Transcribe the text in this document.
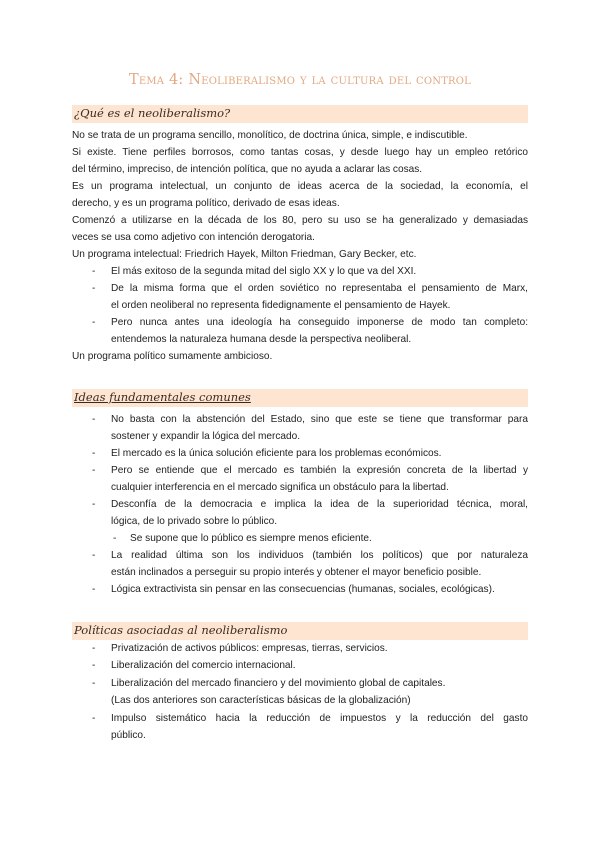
Tema 4: Neoliberalismo y la cultura del control
¿Qué es el neoliberalismo?
No se trata de un programa sencillo, monolítico, de doctrina única, simple, e indiscutible.
Si existe. Tiene perfiles borrosos, como tantas cosas, y desde luego hay un empleo retórico
del término, impreciso, de intención política, que no ayuda a aclarar las cosas.
Es un programa intelectual, un conjunto de ideas acerca de la sociedad, la economía, el
derecho, y es un programa político, derivado de esas ideas.
Comenzó a utilizarse en la década de los 80, pero su uso se ha generalizado y demasiadas
veces se usa como adjetivo con intención derogatoria.
Un programa intelectual: Friedrich Hayek, Milton Friedman, Gary Becker, etc.
- El más exitoso de la segunda mitad del siglo XX y lo que va del XXI.
- De la misma forma que el orden soviético no representaba el pensamiento de Marx,
el orden neoliberal no representa fidedignamente el pensamiento de Hayek.
- Pero nunca antes una ideología ha conseguido imponerse de modo tan completo:
entendemos la naturaleza humana desde la perspectiva neoliberal.
Un programa político sumamente ambicioso.
Ideas fundamentales comunes
- No basta con la abstención del Estado, sino que este se tiene que transformar para
sostener y expandir la lógica del mercado.
- El mercado es la única solución eficiente para los problemas económicos.
- Pero se entiende que el mercado es también la expresión concreta de la libertad y
cualquier interferencia en el mercado significa un obstáculo para la libertad.
- Desconfía de la democracia e implica la idea de la superioridad técnica, moral,
lógica, de lo privado sobre lo público.
- Se supone que lo público es siempre menos eficiente.
- La realidad última son los individuos (también los políticos) que por naturaleza
están inclinados a perseguir su propio interés y obtener el mayor beneficio posible.
- Lógica extractivista sin pensar en las consecuencias (humanas, sociales, ecológicas).
Políticas asociadas al neoliberalismo
- Privatización de activos públicos: empresas, tierras, servicios.
- Liberalización del comercio internacional.
- Liberalización del mercado financiero y del movimiento global de capitales.
(Las dos anteriores son características básicas de la globalización)
- Impulso sistemático hacia la reducción de impuestos y la reducción del gasto
público.
